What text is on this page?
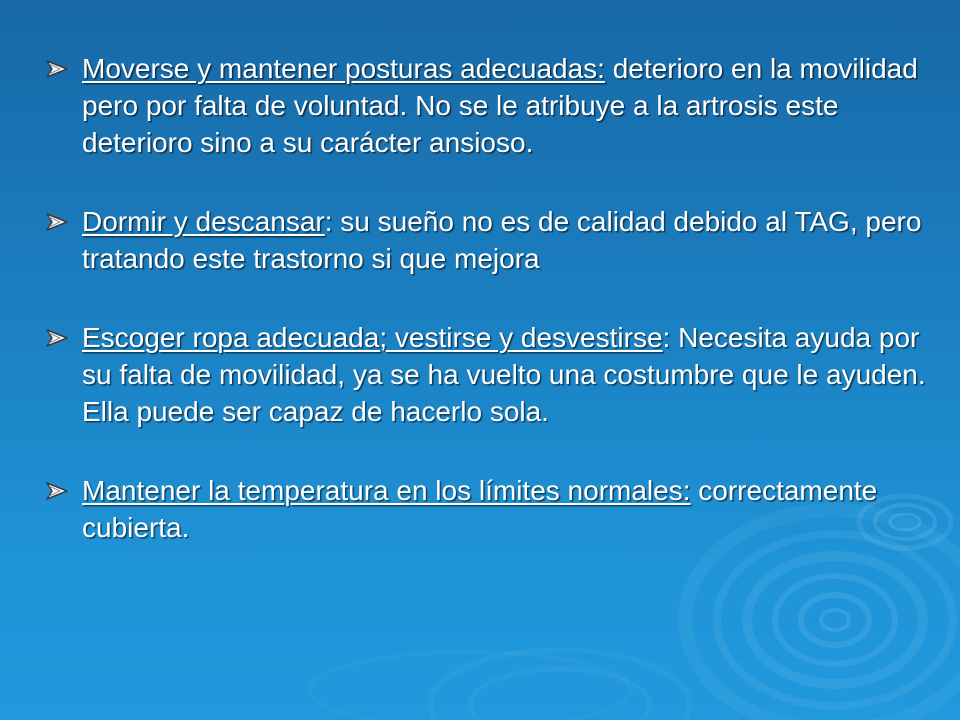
Moverse y mantener posturas adecuadas: deterioro en la movilidad pero por falta de voluntad. No se le atribuye a la artrosis este deterioro sino a su carácter ansioso.
Dormir y descansar: su sueño no es de calidad debido al TAG, pero tratando este trastorno si que mejora
Escoger ropa adecuada; vestirse y desvestirse: Necesita ayuda por su falta de movilidad, ya se ha vuelto una costumbre que le ayuden. Ella puede ser capaz de hacerlo sola.
Mantener la temperatura en los límites normales: correctamente cubierta.
